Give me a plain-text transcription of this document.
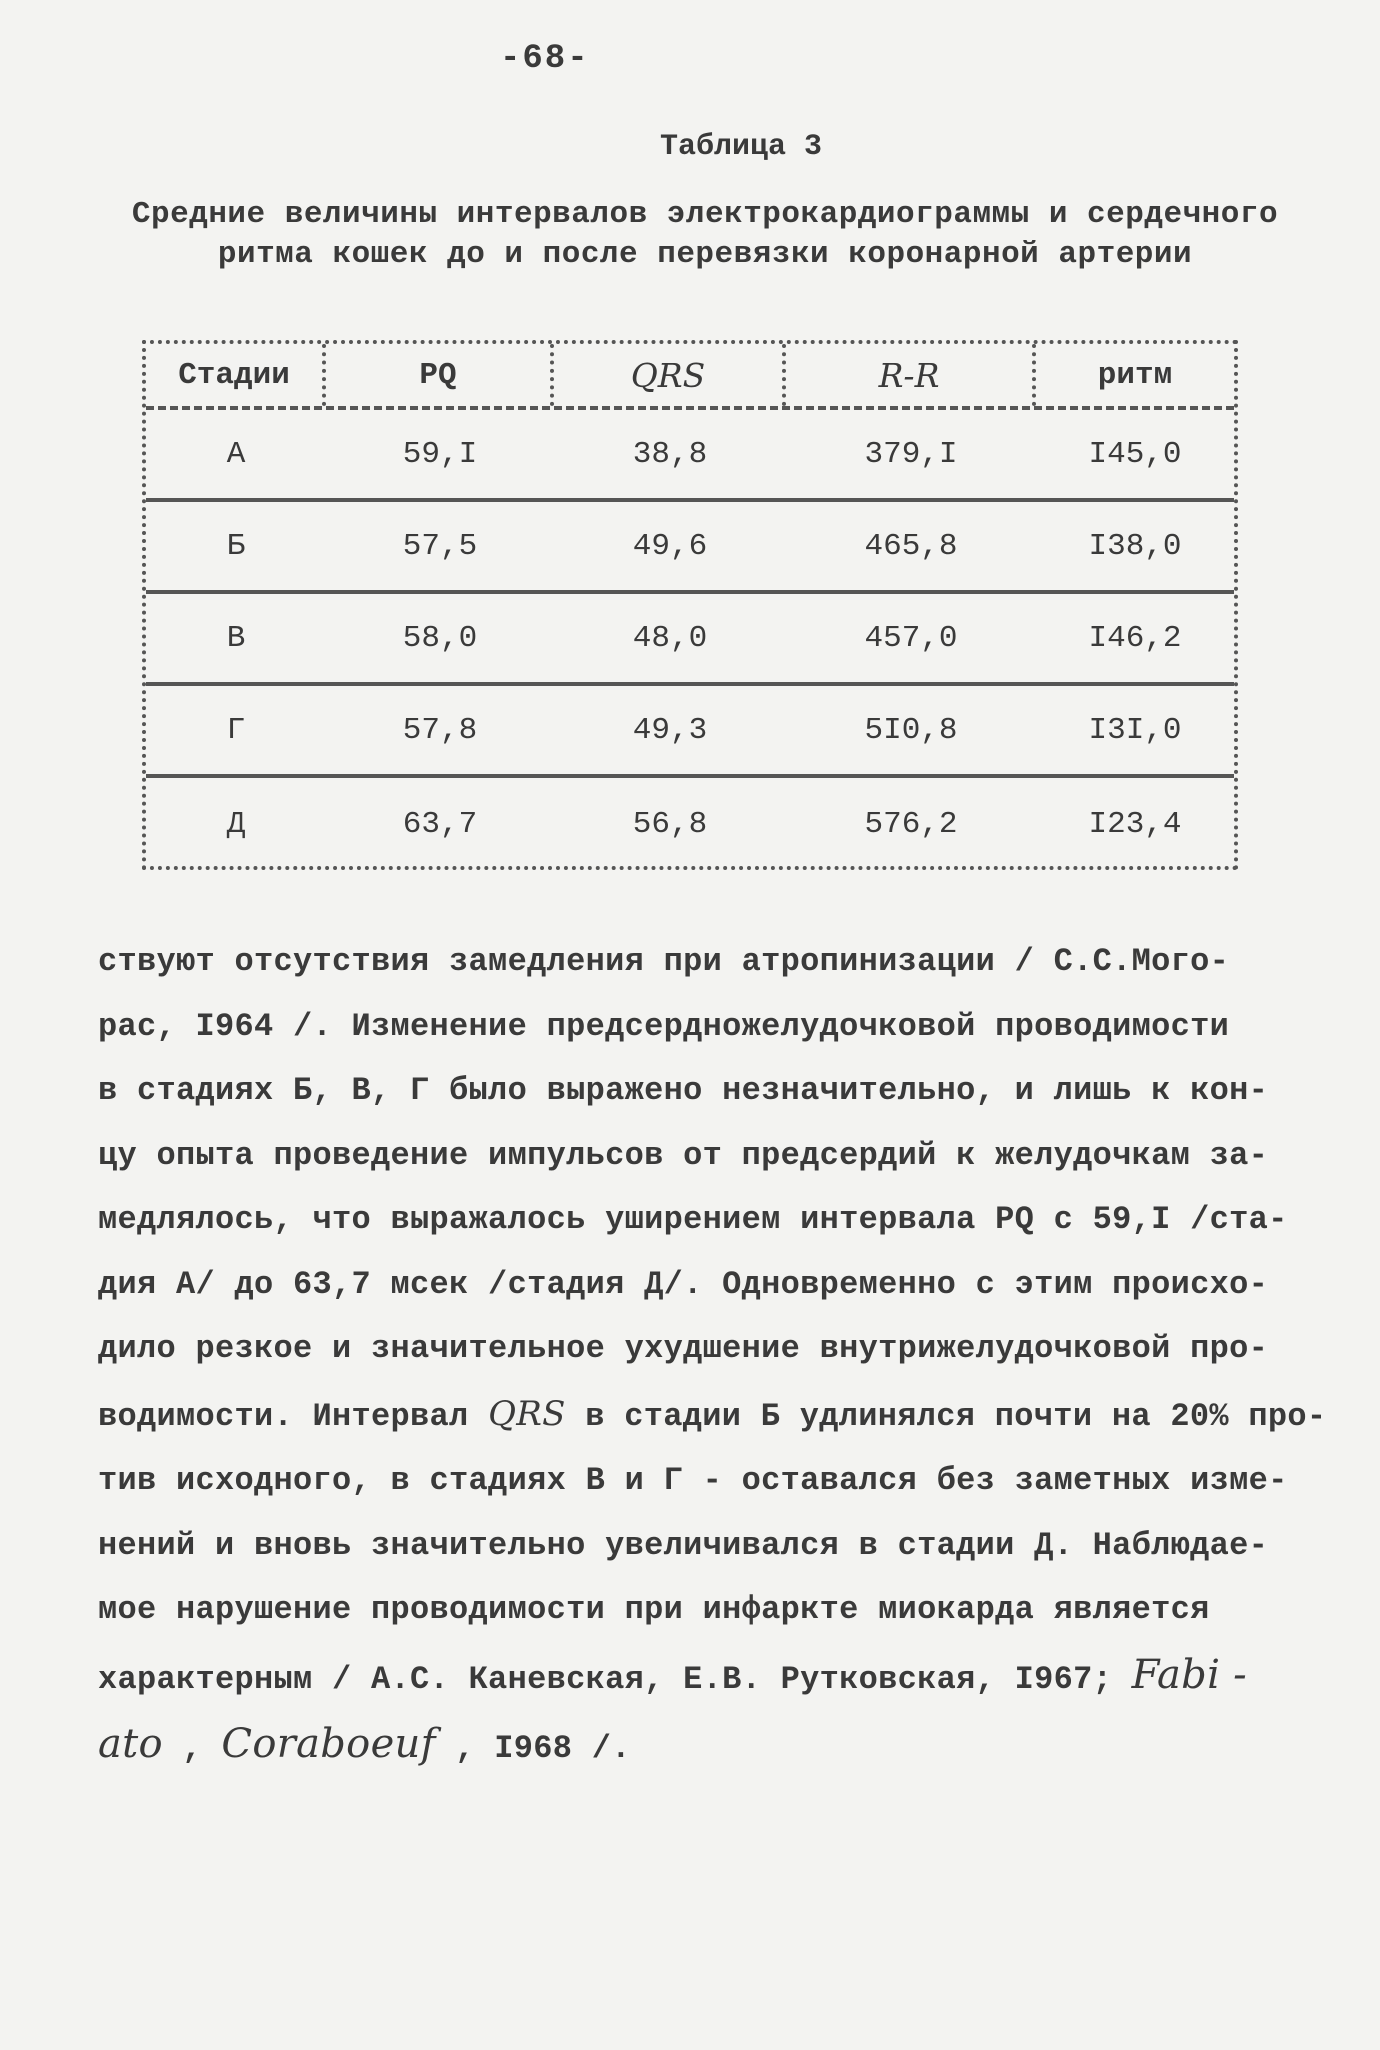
-68-
Таблица 3
Средние величины интервалов электрокардиограммы и сердечного ритма кошек до и после перевязки коронарной артерии
Стадии	PQ	QRS	R-R	ритм
А	59,I	38,8	379,I	I45,0
Б	57,5	49,6	465,8	I38,0
В	58,0	48,0	457,0	I46,2
Г	57,8	49,3	5I0,8	I3I,0
Д	63,7	56,8	576,2	I23,4

ствуют отсутствия замедления при атропинизации / С.С.Мого-

рас, I964 /. Изменение предсердножелудочковой проводимости

в стадиях Б, В, Г было выражено незначительно, и лишь к кон-

цу опыта проведение импульсов от предсердий к желудочкам за-

медлялось, что выражалось уширением интервала PQ с 59,I /ста-

дия А/ до 63,7 мсек /стадия Д/. Одновременно с этим происхо-

дило резкое и значительное ухудшение внутрижелудочковой про-

водимости. Интервал QRS в стадии Б удлинялся почти на 20% про-

тив исходного, в стадиях В и Г - оставался без заметных изме-

нений и вновь значительно увеличивался в стадии Д. Наблюдае-

мое нарушение проводимости при инфаркте миокарда является

характерным / А.С. Каневская, Е.В. Рутковская, I967; Fabi -

ato , Coraboeuf , I968 /.
